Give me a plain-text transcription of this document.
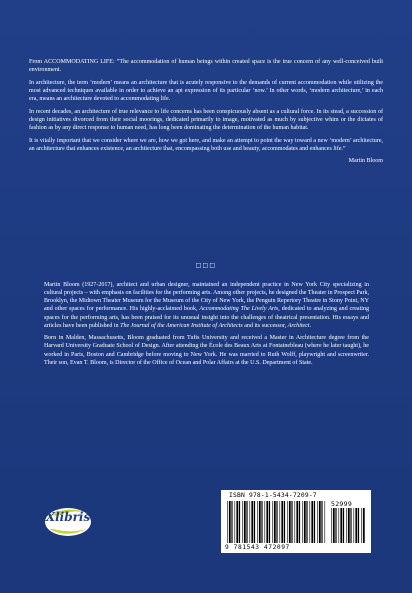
From ACCOMMODATING LIFE: “The accommodation of human beings within created space is the true concern of any well-conceived built environment.

In architecture, the term ‘modern’ means an architecture that is acutely responsive to the demands of current accommodation while utilizing the most advanced techniques available in order to achieve an apt expression of its particular ‘now.’ In other words, ‘modern architecture,’ in each era, means an architecture devoted to accommodating life.

In recent decades, an architecture of true relevance to life concerns has been conspicuously absent as a cultural force. In its stead, a succession of design initiatives divorced from their social moorings, dedicated primarily to image, motivated as much by subjective whim or the dictates of fashion as by any direct response to human need, has long been dominating the determination of the human habitat.

It is vitally important that we consider where we are, how we got here, and make an attempt to point the way toward a new ‘modern’ architecture, an architecture that enhances existence, an architecture that, encompassing both use and beauty, accommodates and enhances life.”

Martin Bloom

□□□

Martin Bloom (1927-2017), architect and urban designer, maintained an independent practice in New York City specializing in cultural projects – with emphasis on facilities for the performing arts. Among other projects, he designed the Theater in Prospect Park, Brooklyn, the Midtown Theater Museum for the Museum of the City of New York, the Penguin Repertory Theatre in Stony Point, NY and other spaces for performance. His highly-acclaimed book, Accommodating The Lively Arts, dedicated to analyzing and creating spaces for the performing arts, has been praised for its unusual insight into the challenges of theatrical presentation. His essays and articles have been published in The Journal of the American Institute of Architects and its successor, Architect.

Born in Malden, Massachusetts, Bloom graduated from Tufts University and received a Master in Architecture degree from the Harvard University Graduate School of Design. After attending the École des Beaux Arts at Fontainebleau (where he later taught), he worked in Paris, Boston and Cambridge before moving to New York. He was married to Ruth Wolff, playwright and screenwriter. Their son, Evan T. Bloom, is Director of the Office of Ocean and Polar Affairs at the U.S. Department of State.

Xlibris
ISBN 978-1-5434-7209-7
52999
9 781543 472097
